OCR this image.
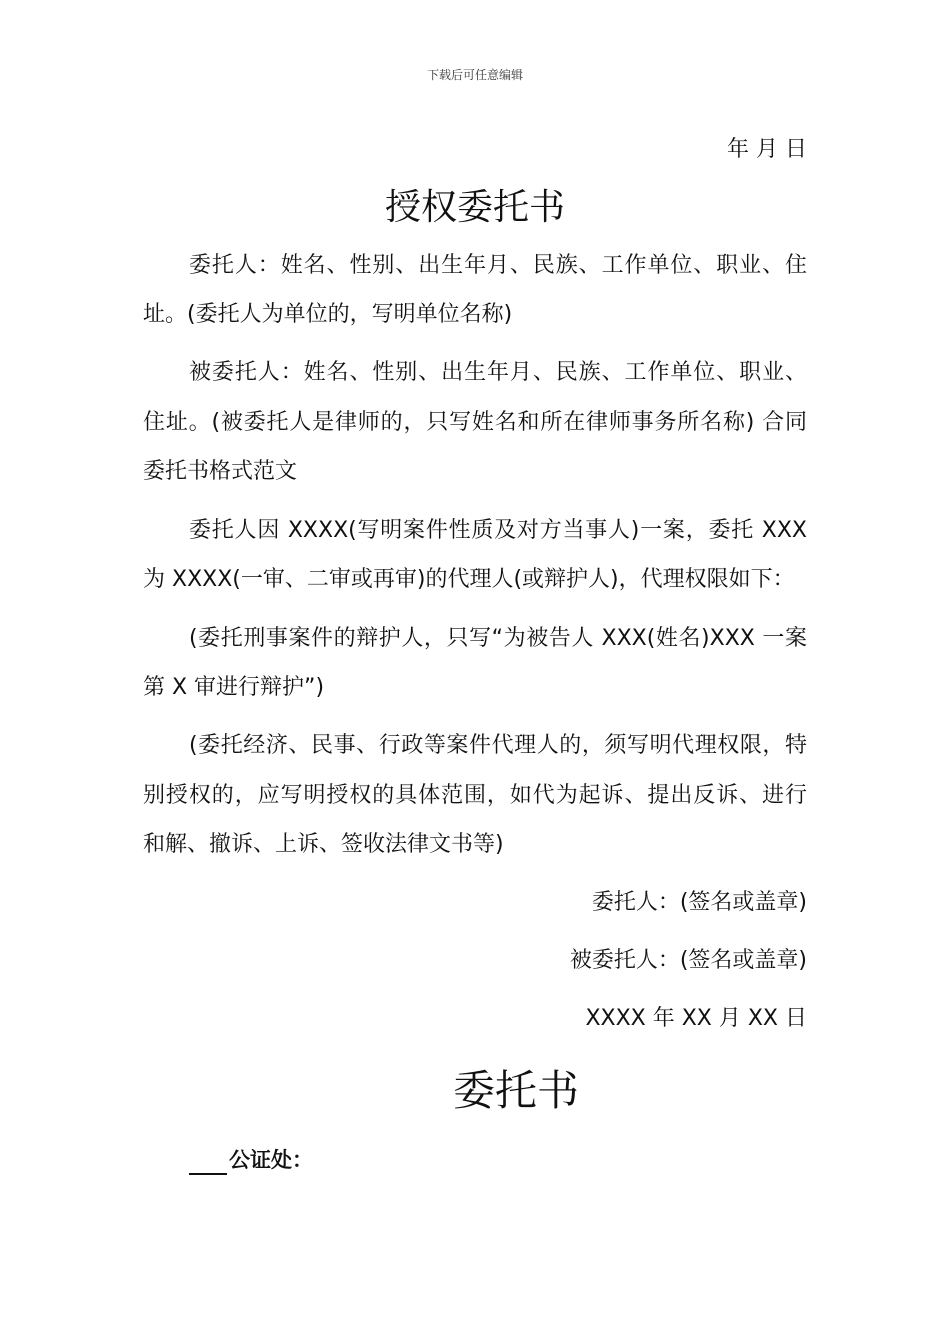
下载后可任意编辑
年 月 日
授权委托书
委托人：姓名、性别、出生年月、民族、工作单位、职业、住
址。(委托人为单位的，写明单位名称)
被委托人：姓名、性别、出生年月、民族、工作单位、职业、
住址。(被委托人是律师的，只写姓名和所在律师事务所名称) 合同
委托书格式范文
委托人因 XXXX(写明案件性质及对方当事人)一案，委托 XXX
为 XXXX(一审、二审或再审)的代理人(或辩护人)，代理权限如下：
(委托刑事案件的辩护人，只写“为被告人 XXX(姓名)XXX 一案
第 X 审进行辩护”)
(委托经济、民事、行政等案件代理人的，须写明代理权限，特
别授权的，应写明授权的具体范围，如代为起诉、提出反诉、进行
和解、撤诉、上诉、签收法律文书等)
委托人：(签名或盖章)
被委托人：(签名或盖章)
XXXX 年 XX 月 XX 日
委托书
公证处：
